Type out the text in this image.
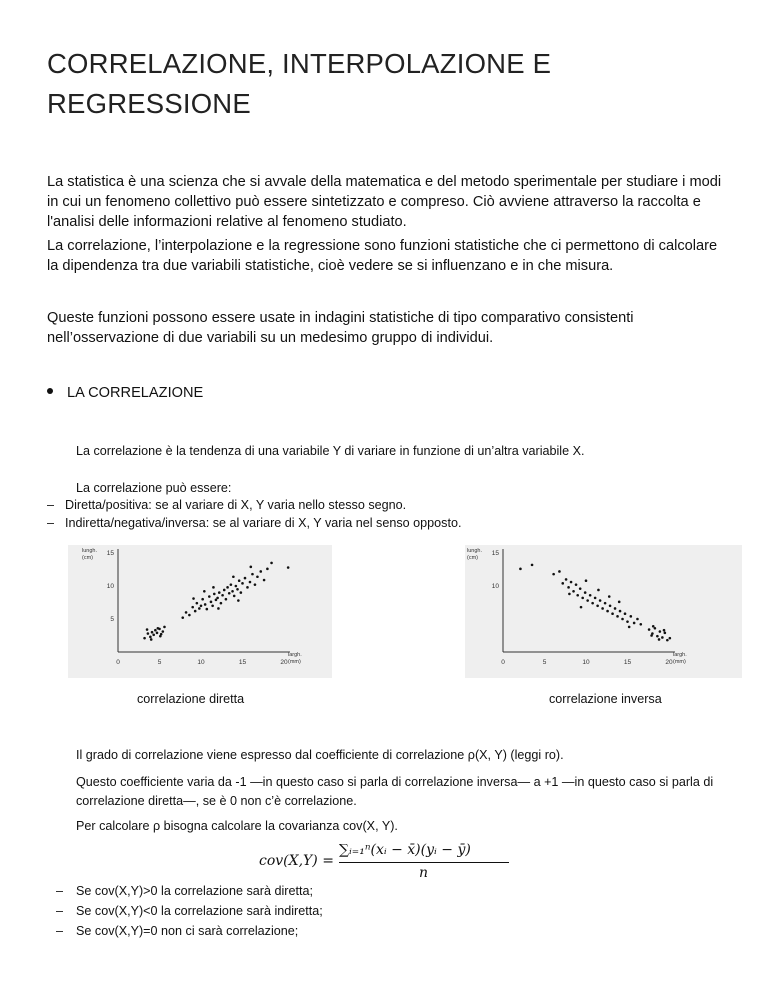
CORRELAZIONE, INTERPOLAZIONE E REGRESSIONE

La statistica è una scienza che si avvale della matematica e del metodo sperimentale per studiare i modi in cui un fenomeno collettivo può essere sintetizzato e compreso. Ciò avviene attraverso la raccolta e l'analisi delle informazioni relative al fenomeno studiato.

La correlazione, l’interpolazione e la regressione sono funzioni statistiche che ci permettono di calcolare la dipendenza tra due variabili statistiche, cioè vedere se si influenzano e in che misura.

Queste funzioni possono essere usate in indagini statistiche di tipo comparativo consistenti nell’osservazione di due variabili su un medesimo gruppo di individui.

LA CORRELAZIONE

La correlazione è la tendenza di una variabile Y di variare in funzione di un’altra variabile X.

La correlazione può essere:

– Diretta/positiva: se al variare di X, Y varia nello stesso segno.
– Indiretta/negativa/inversa: se al variare di X, Y varia nel senso opposto.
0	5	10	15	20
5
10
15
lungh.
(cm)
largh.
(mm)	0	5	10	15	20
10
15
lungh.
(cm)
largh.
(mm)
correlazione diretta	correlazione inversa

Il grado di correlazione viene espresso dal coefficiente di correlazione ρ(X, Y) (leggi ro).

Questo coefficiente varia da -1 —in questo caso si parla di correlazione inversa— a +1 —in questo caso si parla di correlazione diretta—, se è 0 non c’è correlazione.

Per calcolare ρ bisogna calcolare la covarianza cov(X, Y).

cov(X,Y) =
∑ᵢ₌₁ⁿ(xᵢ − x̄)(yᵢ − ȳ)
n
– Se cov(X,Y)>0 la correlazione sarà diretta;
– Se cov(X,Y)<0 la correlazione sarà indiretta;
– Se cov(X,Y)=0 non ci sarà correlazione;
